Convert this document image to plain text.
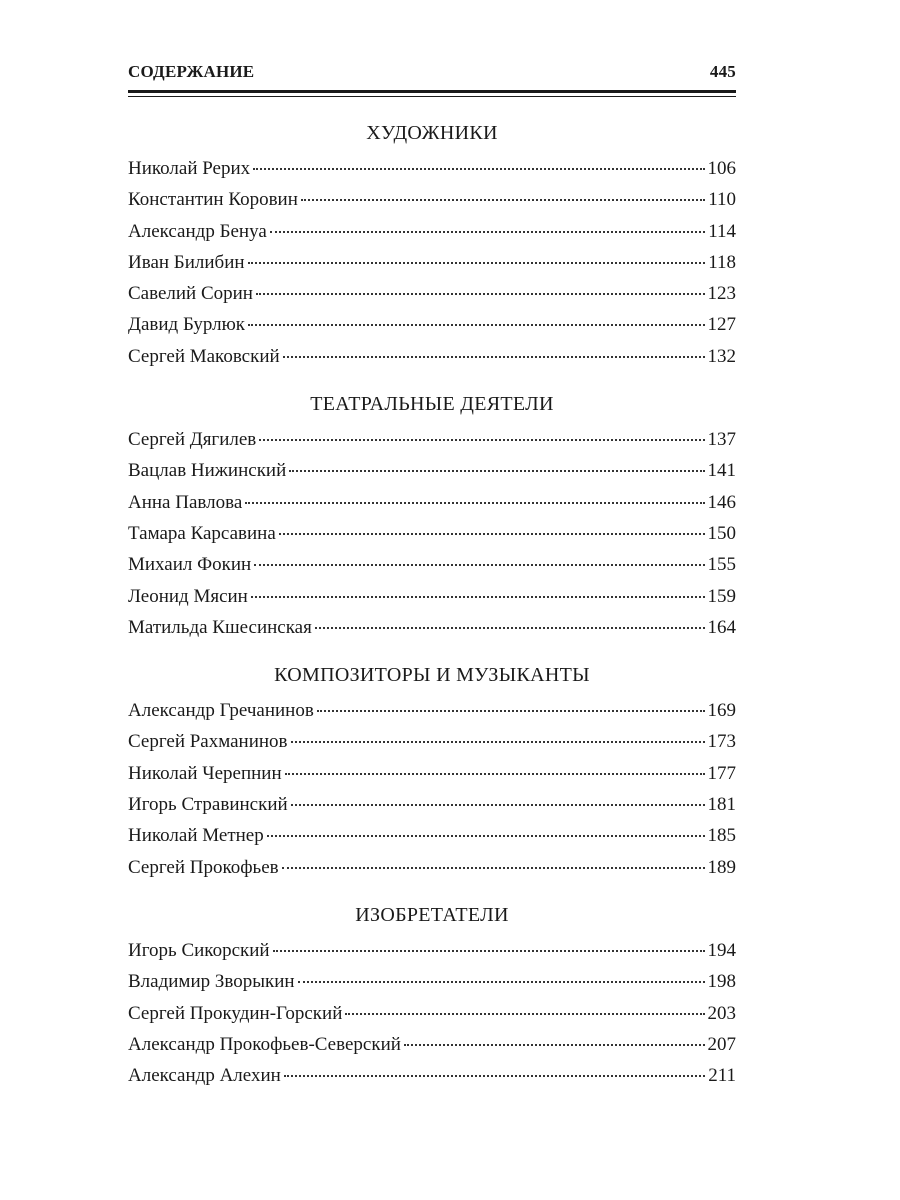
СОДЕРЖАНИЕ	445
ХУДОЖНИКИ
Николай Рерих	106
Константин Коровин	110
Александр Бенуа	114
Иван Билибин	118
Савелий Сорин	123
Давид Бурлюк	127
Сергей Маковский	132
ТЕАТРАЛЬНЫЕ ДЕЯТЕЛИ
Сергей Дягилев	137
Вацлав Нижинский	141
Анна Павлова	146
Тамара Карсавина	150
Михаил Фокин	155
Леонид Мясин	159
Матильда Кшесинская	164
КОМПОЗИТОРЫ И МУЗЫКАНТЫ
Александр Гречанинов	169
Сергей Рахманинов	173
Николай Черепнин	177
Игорь Стравинский	181
Николай Метнер	185
Сергей Прокофьев	189
ИЗОБРЕТАТЕЛИ
Игорь Сикорский	194
Владимир Зворыкин	198
Сергей Прокудин-Горский	203
Александр Прокофьев-Северский	207
Александр Алехин	211
